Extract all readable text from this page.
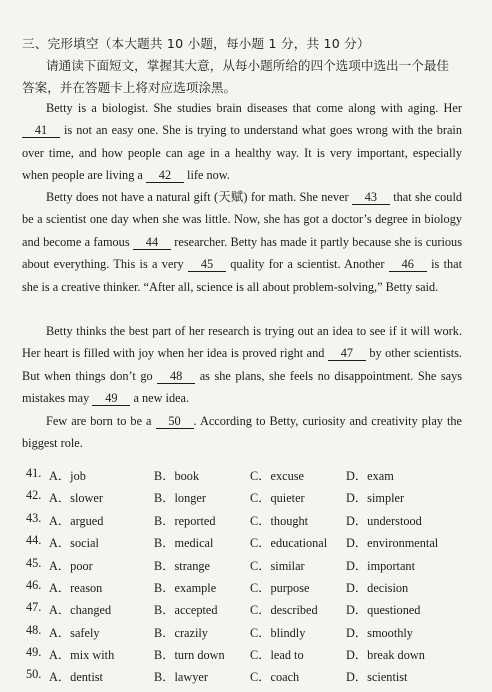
三、完形填空（本大题共 10 小题，每小题 1 分，共 10 分）
请通读下面短文，掌握其大意，从每小题所给的四个选项中选出一个最佳
答案，并在答题卡上将对应选项涂黑。
Betty is a biologist. She studies brain diseases that come along with aging. Her 41 is not an easy one. She is trying to understand what goes wrong with the brain over time, and how people can age in a healthy way. It is very important, especially when people are living a 42 life now.
Betty does not have a natural gift (天赋) for math. She never 43 that she could be a scientist one day when she was little. Now, she has got a doctor’s degree in biology and become a famous 44 researcher. Betty has made it partly because she is curious about everything. This is a very 45 quality for a scientist. Another 46 is that she is a creative thinker. “After all, science is all about problem-solving,” Betty said.
Betty thinks the best part of her research is trying out an idea to see if it will work. Her heart is filled with joy when her idea is proved right and 47 by other scientists. But when things don’t go 48 as she plans, she feels no disappointment. She says mistakes may 49 a new idea.
Few are born to be a 50 . According to Betty, curiosity and creativity play the biggest role.
41. A．job	B．book	C．excuse	D．exam
42. A．slower	B．longer	C．quieter	D．simpler
43. A．argued	B．reported	C．thought	D．understood
44. A．social	B．medical	C．educational D．environmental
45. A．poor	B．strange	C．similar	D．important
46. A．reason	B．example	C．purpose	D．decision
47. A．changed	B．accepted	C．described D．questioned
48. A．safely	B．crazily	C．blindly	D．smoothly
49. A．mix with	B．turn down C．lead to	D．break down
50. A．dentist	B．lawyer	C．coach	D．scientist
